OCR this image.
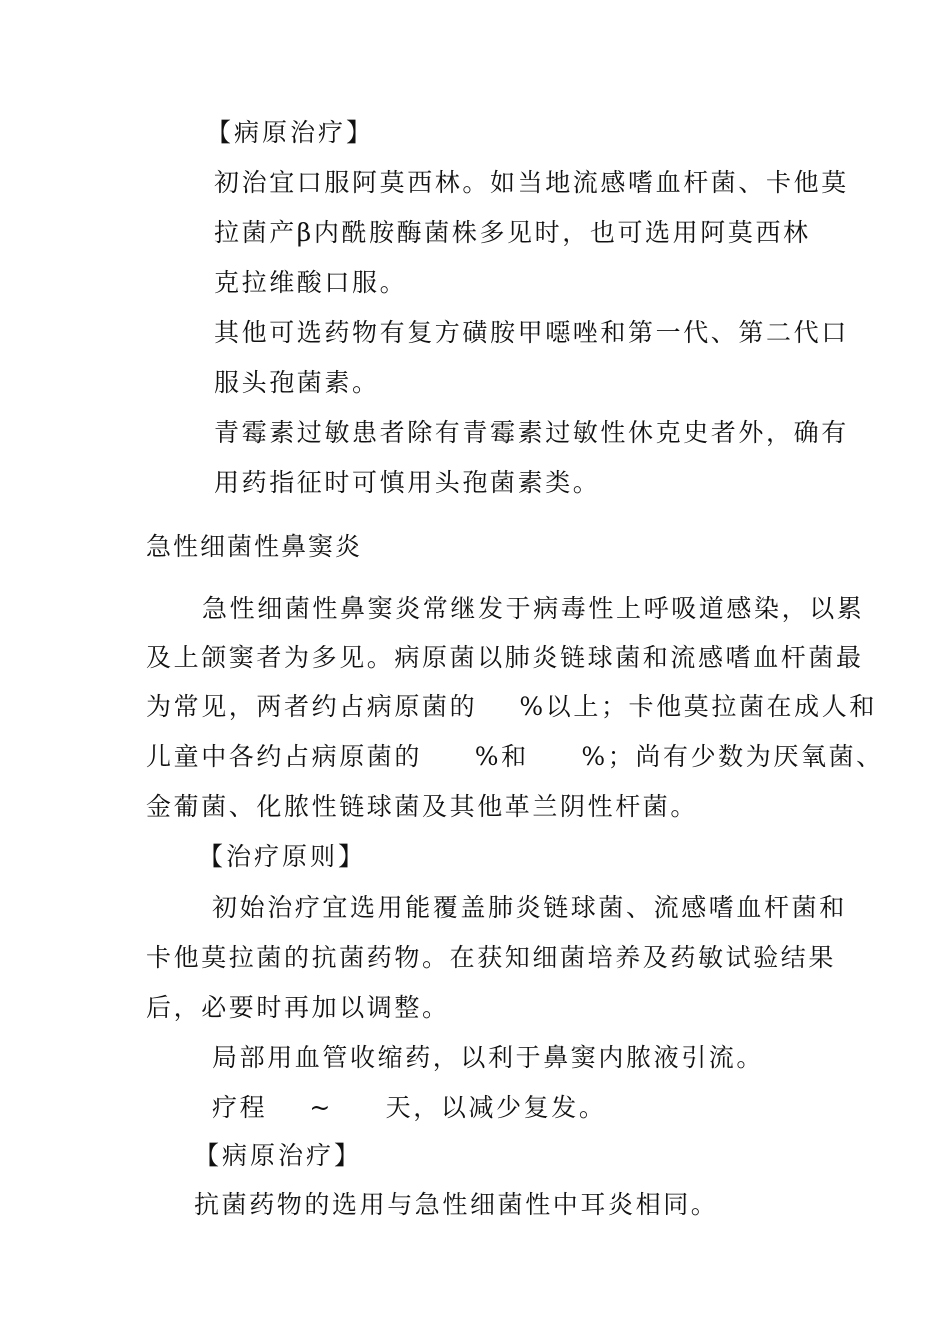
【病原治疗】
初治宜口服阿莫西林。如当地流感嗜血杆菌、卡他莫
拉菌产β内酰胺酶菌株多见时，也可选用阿莫西林
克拉维酸口服。
其他可选药物有复方磺胺甲噁唑和第一代、第二代口
服头孢菌素。
青霉素过敏患者除有青霉素过敏性休克史者外，确有
用药指征时可慎用头孢菌素类。
急性细菌性鼻窦炎
急性细菌性鼻窦炎常继发于病毒性上呼吸道感染，以累
及上颌窦者为多见。病原菌以肺炎链球菌和流感嗜血杆菌最
为常见，两者约占病原菌的    %以上；卡他莫拉菌在成人和
儿童中各约占病原菌的     %和     %；尚有少数为厌氧菌、
金葡菌、化脓性链球菌及其他革兰阴性杆菌。
【治疗原则】
初始治疗宜选用能覆盖肺炎链球菌、流感嗜血杆菌和
卡他莫拉菌的抗菌药物。在获知细菌培养及药敏试验结果
后，必要时再加以调整。
局部用血管收缩药，以利于鼻窦内脓液引流。
疗程    ~     天，以减少复发。
【病原治疗】
抗菌药物的选用与急性细菌性中耳炎相同。
